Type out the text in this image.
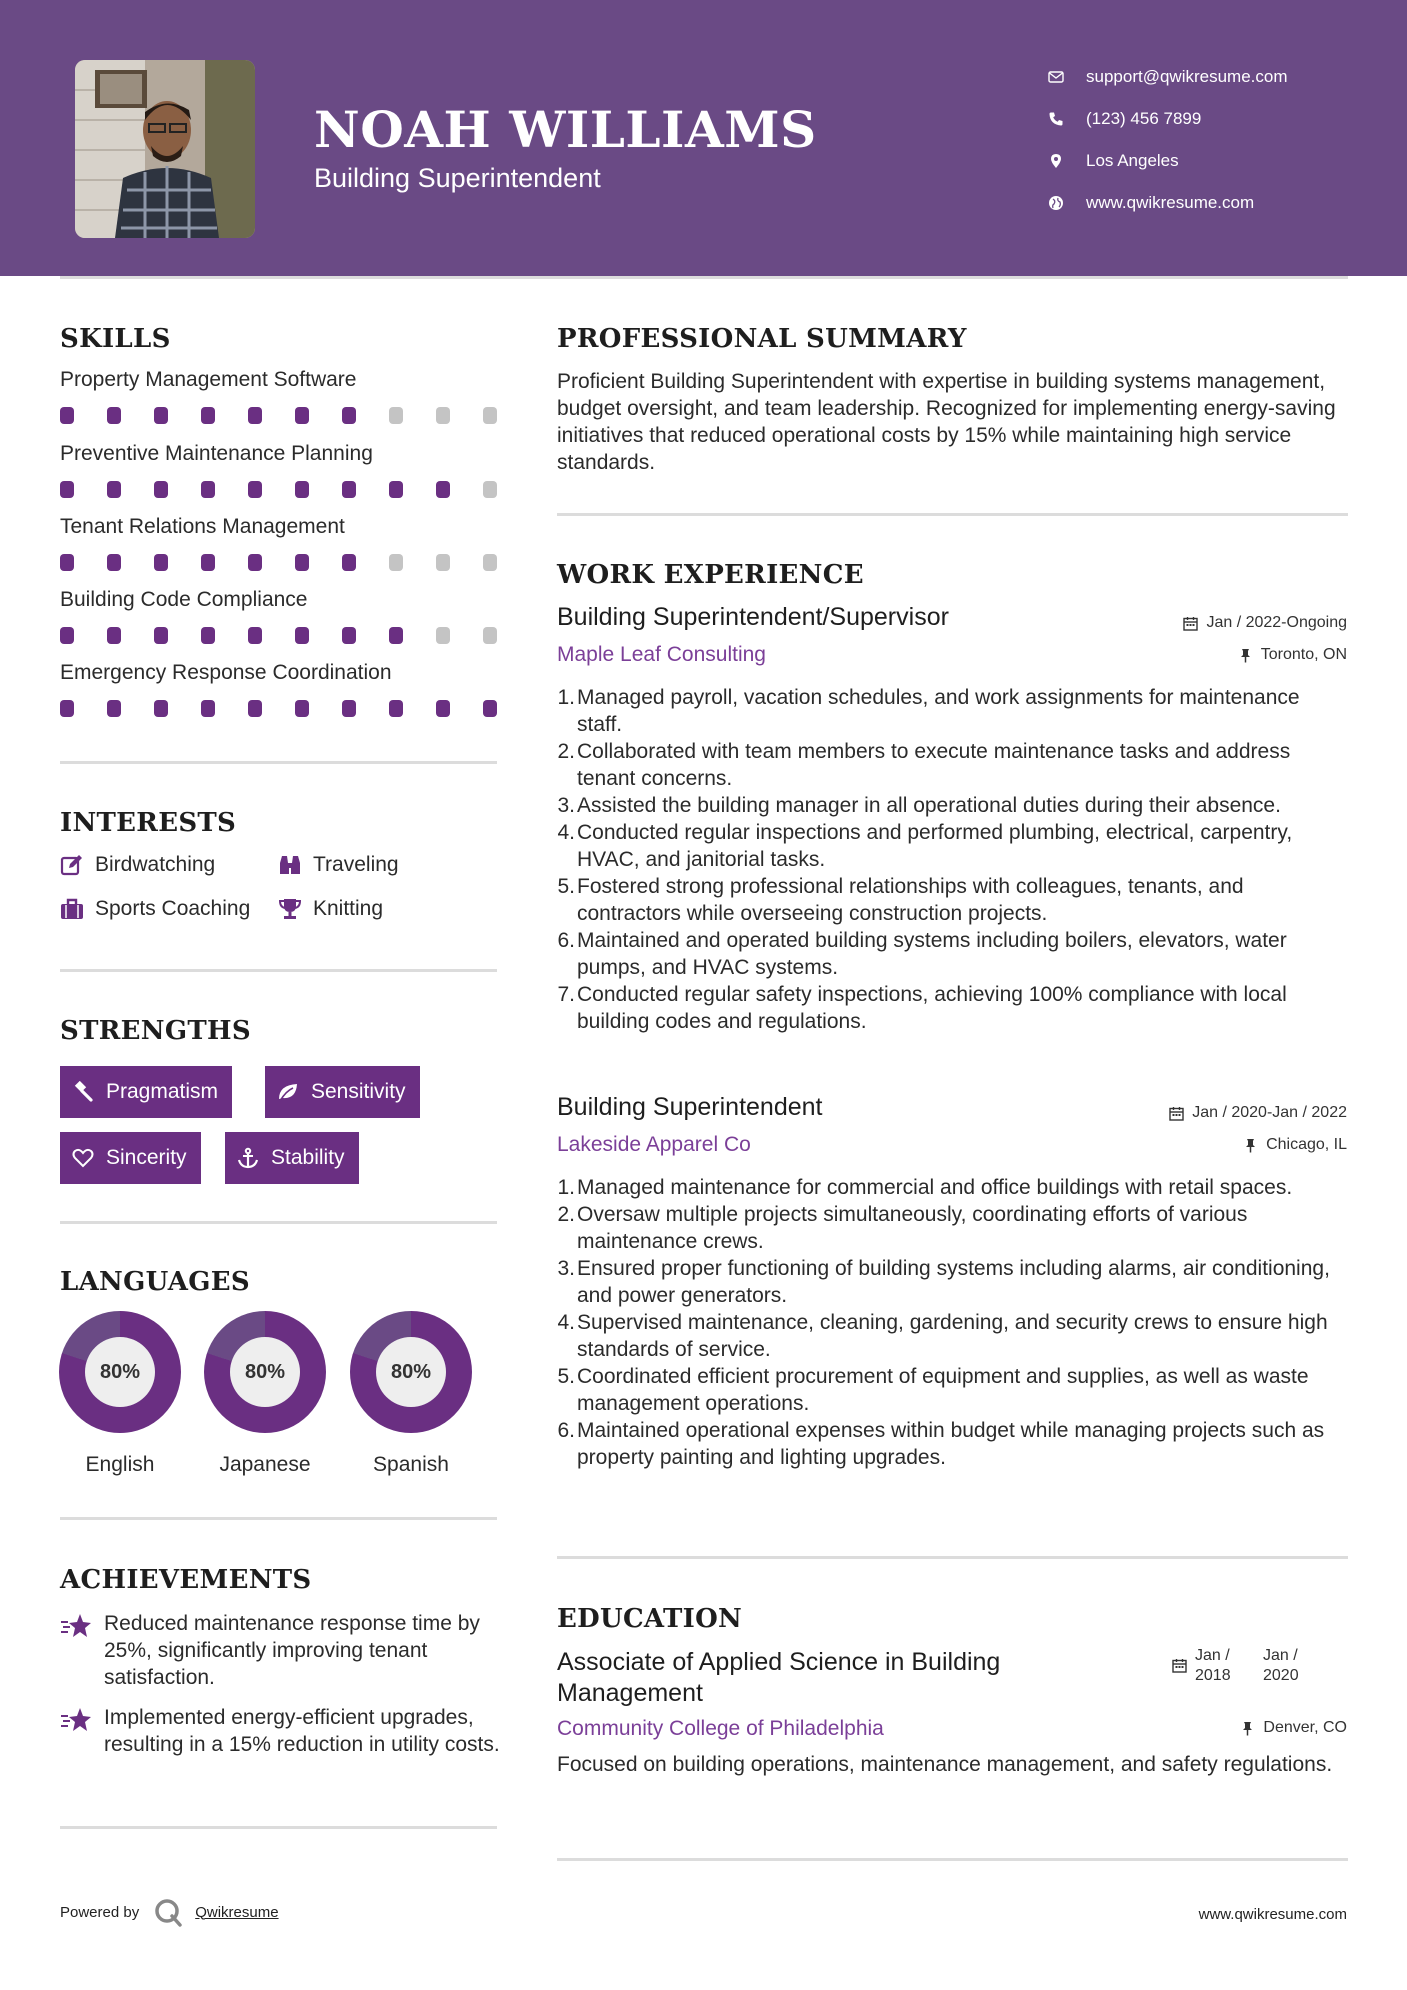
NOAH WILLIAMS
Building Superintendent
support@qwikresume.com
(123) 456 7899
Los Angeles
www.qwikresume.com
SKILLS
Property Management Software
Preventive Maintenance Planning
Tenant Relations Management
Building Code Compliance
Emergency Response Coordination
INTERESTS
Birdwatching	Traveling
Sports Coaching	Knitting
STRENGTHS
Pragmatism	Sensitivity
Sincerity	Stability
LANGUAGES
80%
English
80%
Japanese
80%
Spanish
ACHIEVEMENTS
Reduced maintenance response time by 25%, significantly improving tenant satisfaction.
Implemented energy-efficient upgrades, resulting in a 15% reduction in utility costs.
PROFESSIONAL SUMMARY
Proficient Building Superintendent with expertise in building systems management, budget oversight, and team leadership. Recognized for implementing energy-saving initiatives that reduced operational costs by 15% while maintaining high service standards.
WORK EXPERIENCE
Building Superintendent/Supervisor	Jan / 2022-Ongoing
Maple Leaf Consulting	Toronto, ON
1. Managed payroll, vacation schedules, and work assignments for maintenance staff.
2. Collaborated with team members to execute maintenance tasks and address tenant concerns.
3. Assisted the building manager in all operational duties during their absence.
4. Conducted regular inspections and performed plumbing, electrical, carpentry, HVAC, and janitorial tasks.
5. Fostered strong professional relationships with colleagues, tenants, and contractors while overseeing construction projects.
6. Maintained and operated building systems including boilers, elevators, water pumps, and HVAC systems.
7. Conducted regular safety inspections, achieving 100% compliance with local building codes and regulations.
Building Superintendent	Jan / 2020-Jan / 2022
Lakeside Apparel Co	Chicago, IL
1. Managed maintenance for commercial and office buildings with retail spaces.
2. Oversaw multiple projects simultaneously, coordinating efforts of various maintenance crews.
3. Ensured proper functioning of building systems including alarms, air conditioning, and power generators.
4. Supervised maintenance, cleaning, gardening, and security crews to ensure high standards of service.
5. Coordinated efficient procurement of equipment and supplies, as well as waste management operations.
6. Maintained operational expenses within budget while managing projects such as property painting and lighting upgrades.
EDUCATION
Associate of Applied Science in Building Management
Jan / 2018
Jan / 2020
Community College of Philadelphia	Denver, CO
Focused on building operations, maintenance management, and safety regulations.
Powered by	Qwikresume	www.qwikresume.com
